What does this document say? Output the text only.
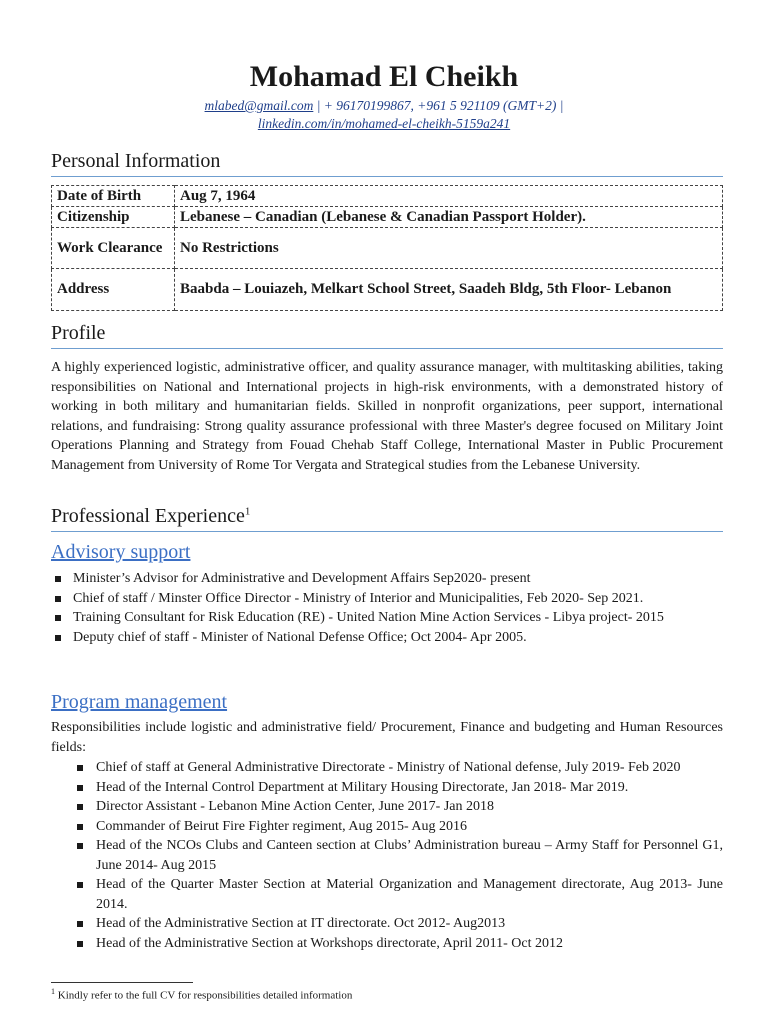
Mohamad El Cheikh
mlabed@gmail.com | + 96170199867, +961 5 921109 (GMT+2) |
linkedin.com/in/mohamed-el-cheikh-5159a241
Personal Information
Date of Birth	Aug 7, 1964
Citizenship	Lebanese – Canadian (Lebanese & Canadian Passport Holder).
Work Clearance	No Restrictions
Address	Baabda – Louiazeh, Melkart School Street, Saadeh Bldg, 5th Floor- Lebanon
Profile

A highly experienced logistic, administrative officer, and quality assurance manager, with multitasking abilities, taking responsibilities on National and International projects in high-risk environments, with a demonstrated history of working in both military and humanitarian fields. Skilled in nonprofit organizations, peer support, international relations, and fundraising: Strong quality assurance professional with three Master's degree focused on Military Joint Operations Planning and Strategy from Fouad Chehab Staff College, International Master in Public Procurement Management from University of Rome Tor Vergata and Strategical studies from the Lebanese University.

Professional Experience$^1$
Advisory support
Minister’s Advisor for Administrative and Development Affairs Sep2020- present
Chief of staff / Minster Office Director - Ministry of Interior and Municipalities, Feb 2020- Sep 2021.
Training Consultant for Risk Education (RE) - United Nation Mine Action Services - Libya project- 2015
Deputy chief of staff - Minister of National Defense Office; Oct 2004- Apr 2005.
Program management

Responsibilities include logistic and administrative field/ Procurement, Finance and budgeting and Human Resources fields:

Chief of staff at General Administrative Directorate - Ministry of National defense, July 2019- Feb 2020
Head of the Internal Control Department at Military Housing Directorate, Jan 2018- Mar 2019.
Director Assistant - Lebanon Mine Action Center, June 2017- Jan 2018
Commander of Beirut Fire Fighter regiment, Aug 2015- Aug 2016
Head of the NCOs Clubs and Canteen section at Clubs’ Administration bureau – Army Staff for Personnel G1, June 2014- Aug 2015
Head of the Quarter Master Section at Material Organization and Management directorate, Aug 2013- June 2014.
Head of the Administrative Section at IT directorate. Oct 2012- Aug2013
Head of the Administrative Section at Workshops directorate, April 2011- Oct 2012

$^1$ Kindly refer to the full CV for responsibilities detailed information
